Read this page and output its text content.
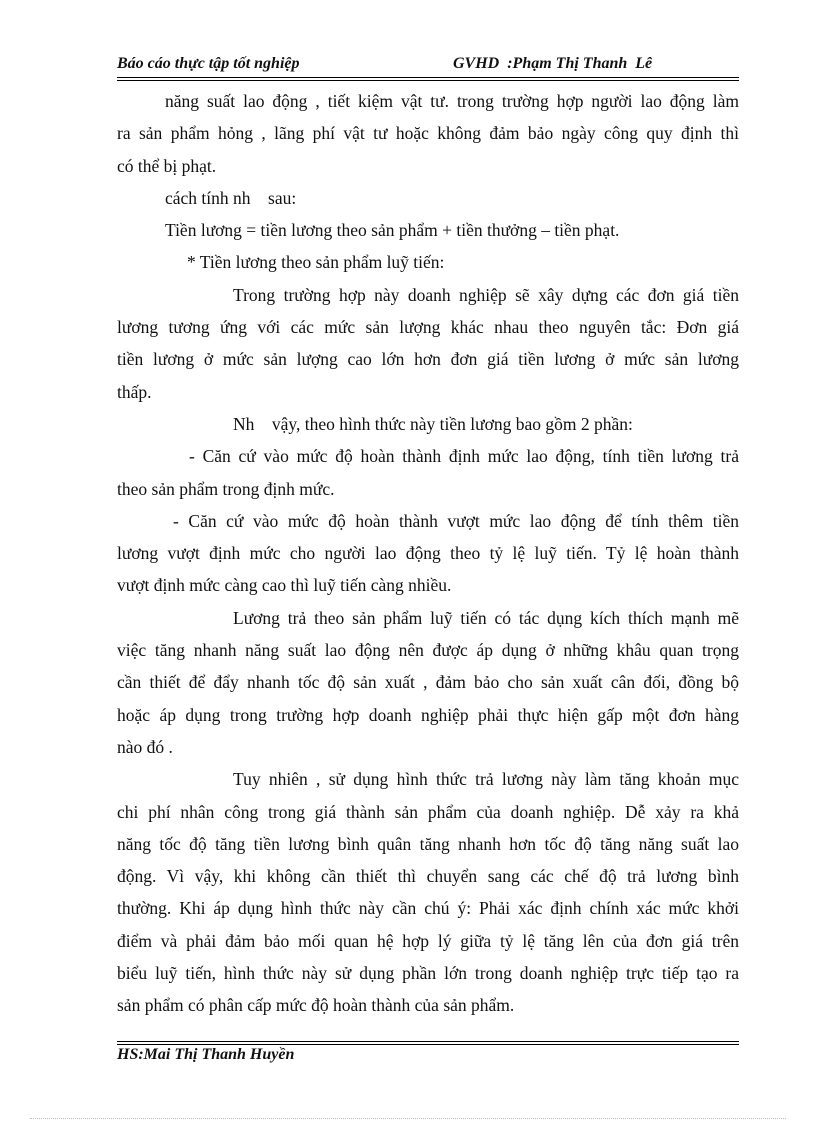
Báo cáo thực tập tốt nghiệp	GVHD  :Phạm Thị Thanh  Lê
năng suất lao động , tiết kiệm vật tư. trong trường hợp người lao động làm
ra sản phẩm hỏng , lãng phí vật tư hoặc không đảm bảo ngày công quy định thì
có thể bị phạt.
cách tính nh    sau:
Tiền lương = tiền lương theo sản phẩm + tiền thưởng – tiền phạt.
* Tiền lương theo sản phẩm luỹ tiến:
Trong trường hợp này doanh nghiệp sẽ xây dựng các đơn giá tiền
lương tương ứng với các mức sản lượng khác nhau theo nguyên tắc: Đơn giá
tiền lương ở mức sản lượng cao lớn hơn đơn giá tiền lương ở mức sản lương
thấp.
Nh    vậy, theo hình thức này tiền lương bao gồm 2 phần:
- Căn cứ vào mức độ hoàn thành định mức lao động, tính tiền lương trả
theo sản phẩm trong định mức.
- Căn cứ vào mức độ hoàn thành vượt mức lao động để tính thêm tiền
lương vượt định mức cho người lao động theo tỷ lệ luỹ tiến. Tỷ lệ hoàn thành
vượt định mức càng cao thì luỹ tiến càng nhiều.
Lương trả theo sản phẩm luỹ tiến có tác dụng kích thích mạnh mẽ
việc tăng nhanh năng suất lao động nên được áp dụng ở những khâu quan trọng
cần thiết để đẩy nhanh tốc độ sản xuất , đảm bảo cho sản xuất cân đối, đồng bộ
hoặc áp dụng trong trường hợp doanh nghiệp phải thực hiện gấp một đơn hàng
nào đó .
Tuy nhiên , sử dụng hình thức trả lương này làm tăng khoản mục
chi phí nhân công trong giá thành sản phẩm của doanh nghiệp. Dễ xảy ra khả
năng tốc độ tăng tiền lương bình quân tăng nhanh hơn tốc độ tăng năng suất lao
động. Vì vậy, khi không cần thiết thì chuyển sang các chế độ trả lương bình
thường. Khi áp dụng hình thức này cần chú ý: Phải xác định chính xác mức khởi
điểm và phải đảm bảo mối quan hệ hợp lý giữa tỷ lệ tăng lên của đơn giá trên
biểu luỹ tiến, hình thức này sử dụng phần lớn trong doanh nghiệp trực tiếp tạo ra
sản phẩm có phân cấp mức độ hoàn thành của sản phẩm.
HS:Mai Thị Thanh Huyền
